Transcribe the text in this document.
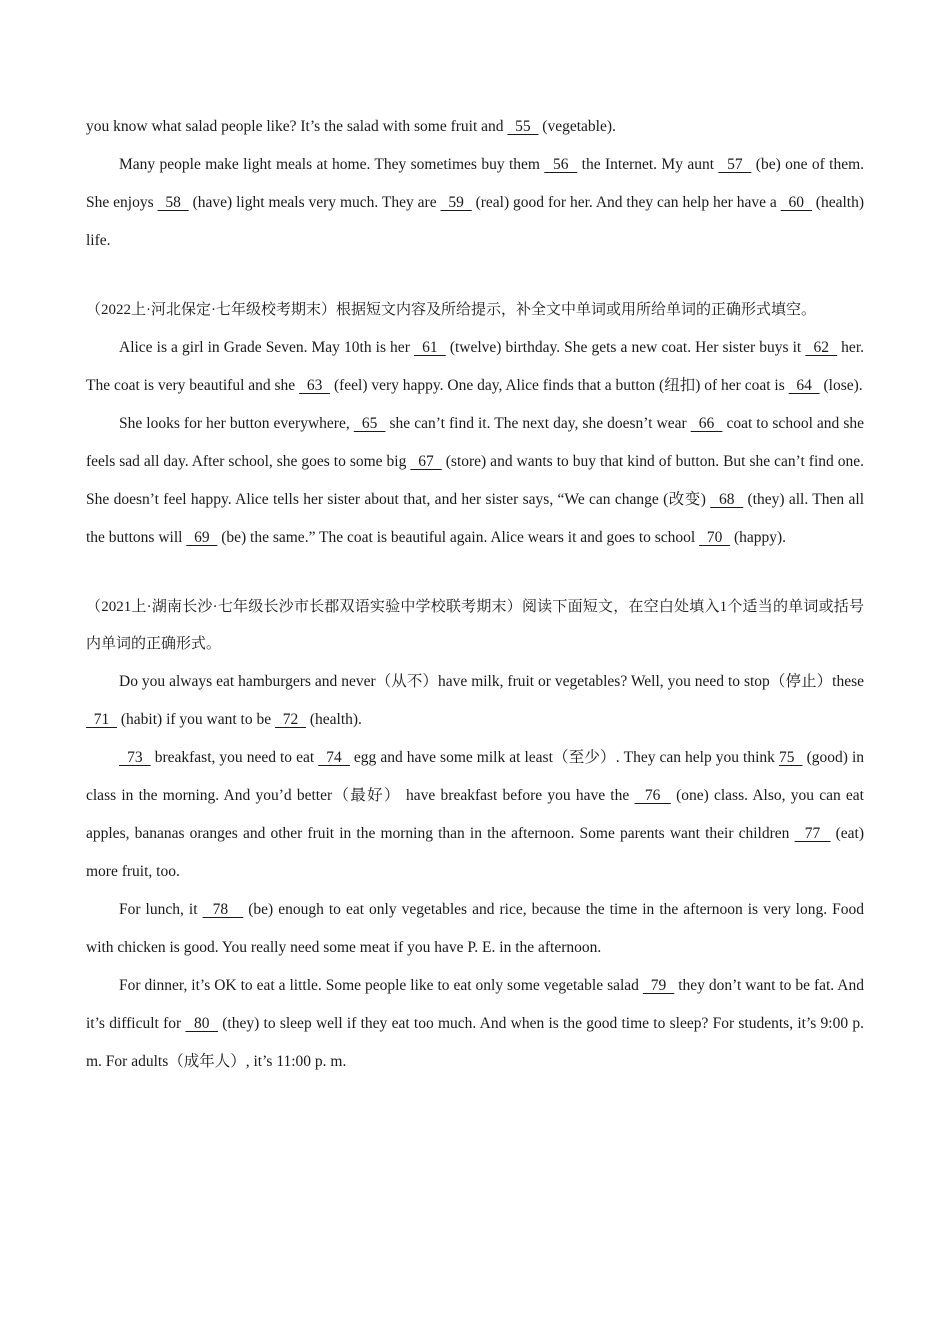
you know what salad people like? It’s the salad with some fruit and   55   (vegetable).

Many people make light meals at home. They sometimes buy them   56   the Internet. My aunt   57   (be) one of them. She enjoys   58   (have) light meals very much. They are   59   (real) good for her. And they can help her have a   60   (health) life.

（2022上·河北保定·七年级校考期末）根据短文内容及所给提示，补全文中单词或用所给单词的正确形式填空。

Alice is a girl in Grade Seven. May 10th is her   61   (twelve) birthday. She gets a new coat. Her sister buys it   62   her. The coat is very beautiful and she   63   (feel) very happy. One day, Alice finds that a button (纽扣) of her coat is   64   (lose).

She looks for her button everywhere,   65   she can’t find it. The next day, she doesn’t wear   66   coat to school and she feels sad all day. After school, she goes to some big   67   (store) and wants to buy that kind of button. But she can’t find one. She doesn’t feel happy. Alice tells her sister about that, and her sister says, “We can change (改变)   68   (they) all. Then all the buttons will   69   (be) the same.” The coat is beautiful again. Alice wears it and goes to school   70   (happy).

（2021上·湖南长沙·七年级长沙市长郡双语实验中学校联考期末）阅读下面短文，在空白处填入1个适当的单词或括号内单词的正确形式。

Do you always eat hamburgers and never（从不）have milk, fruit or vegetables? Well, you need to stop（停止）these   71   (habit) if you want to be   72   (health).

73   breakfast, you need to eat   74   egg and have some milk at least（至少）. They can help you think 75   (good) in class in the morning. And you’d better（最好） have breakfast before you have the   76   (one) class. Also, you can eat apples, bananas oranges and other fruit in the morning than in the afternoon. Some parents want their children   77   (eat) more fruit, too.

For lunch, it   78    (be) enough to eat only vegetables and rice, because the time in the afternoon is very long. Food with chicken is good. You really need some meat if you have P. E. in the afternoon.

For dinner, it’s OK to eat a little. Some people like to eat only some vegetable salad   79   they don’t want to be fat. And it’s difficult for   80   (they) to sleep well if they eat too much. And when is the good time to sleep? For students, it’s 9:00 p. m. For adults（成年人）, it’s 11:00 p. m.
